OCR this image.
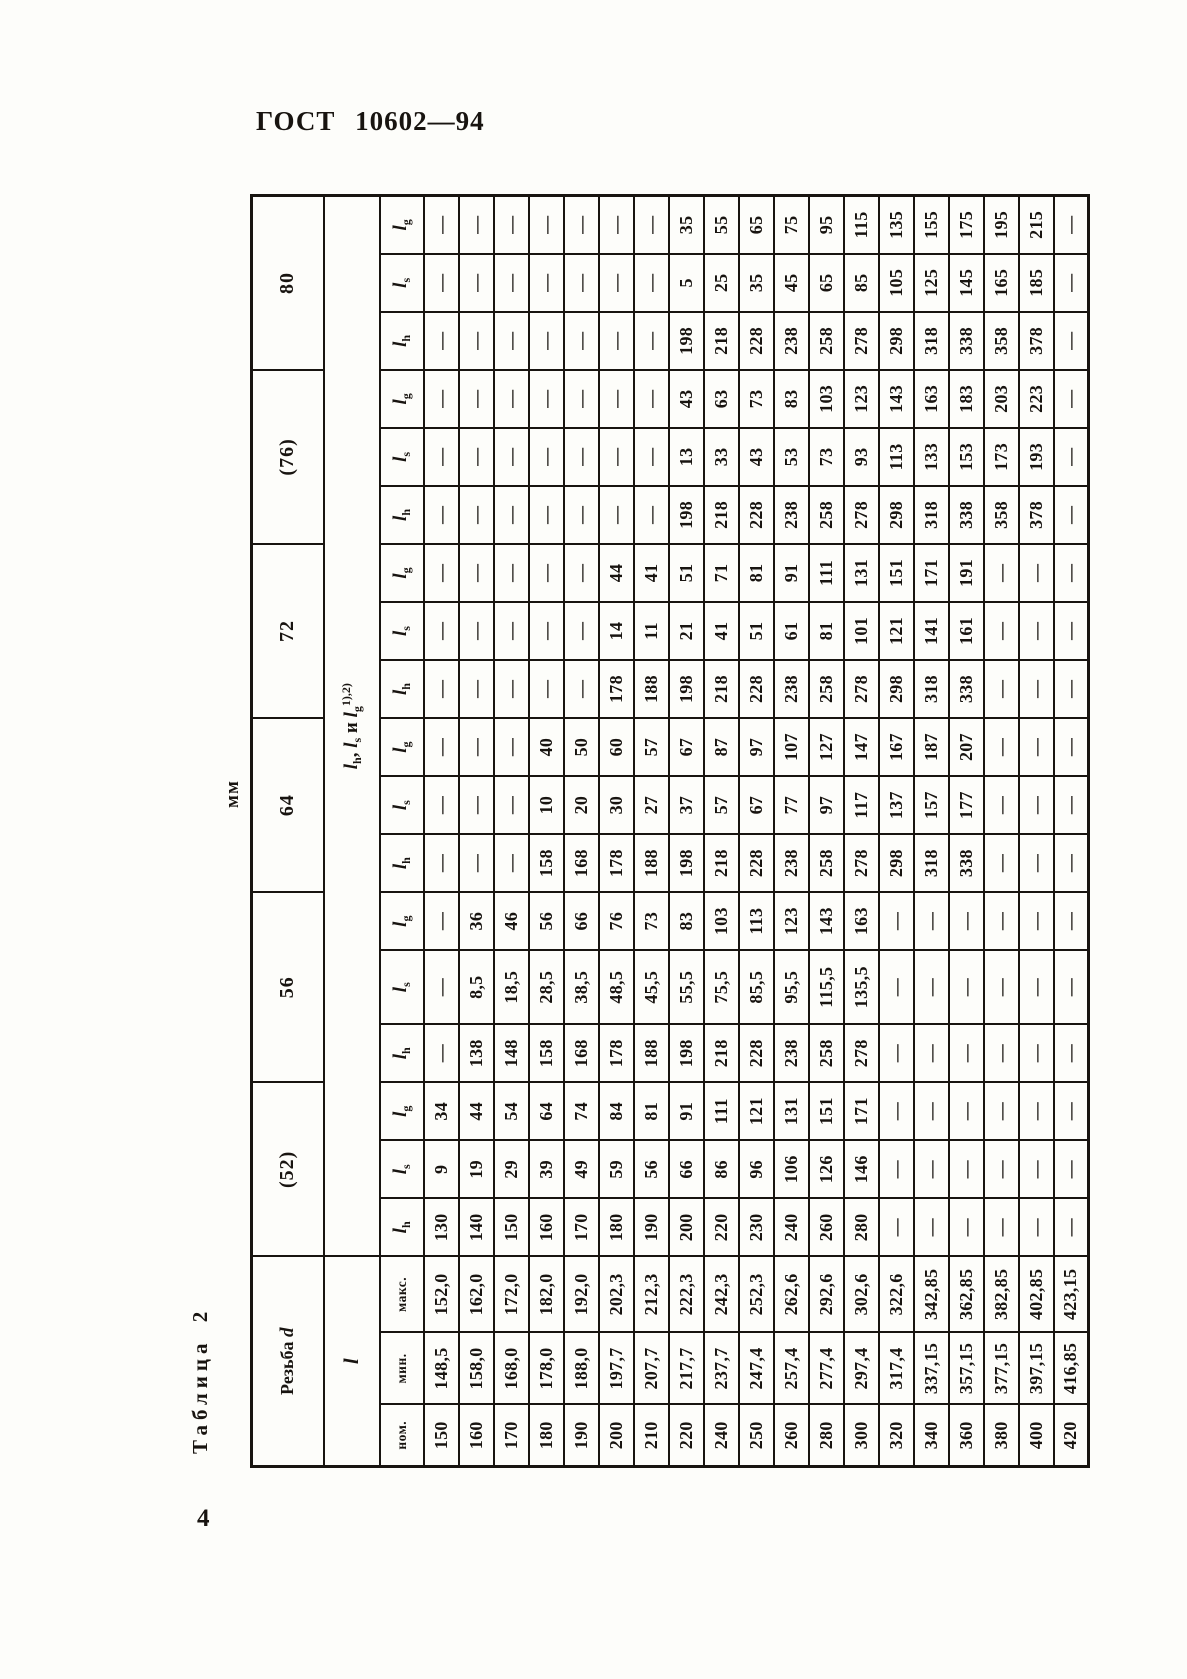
ГОСТ 10602—94
Таблица 2
мм
Резьба d			(52)			56			64			72			(76)			80		
l			$l_h$, $l_s$ и $l_g^{1),2)}$
ном.	мин.	макс.	$l_h$	$l_s$	$l_g$	$l_h$	$l_s$	$l_g$	$l_h$	$l_s$	$l_g$	$l_h$	$l_s$	$l_g$	$l_h$	$l_s$	$l_g$	$l_h$	$l_s$	$l_g$
150	148,5	152,0	130	9	34	—	—	—	—	—	—	—	—	—	—	—	—	—	—	—
160	158,0	162,0	140	19	44	138	8,5	36	—	—	—	—	—	—	—	—	—	—	—	—
170	168,0	172,0	150	29	54	148	18,5	46	—	—	—	—	—	—	—	—	—	—	—	—
180	178,0	182,0	160	39	64	158	28,5	56	158	10	40	—	—	—	—	—	—	—	—	—
190	188,0	192,0	170	49	74	168	38,5	66	168	20	50	—	—	—	—	—	—	—	—	—
200	197,7	202,3	180	59	84	178	48,5	76	178	30	60	178	14	44	—	—	—	—	—	—
210	207,7	212,3	190	56	81	188	45,5	73	188	27	57	188	11	41	—	—	—	—	—	—
220	217,7	222,3	200	66	91	198	55,5	83	198	37	67	198	21	51	198	13	43	198	5	35
240	237,7	242,3	220	86	111	218	75,5	103	218	57	87	218	41	71	218	33	63	218	25	55
250	247,4	252,3	230	96	121	228	85,5	113	228	67	97	228	51	81	228	43	73	228	35	65
260	257,4	262,6	240	106	131	238	95,5	123	238	77	107	238	61	91	238	53	83	238	45	75
280	277,4	292,6	260	126	151	258	115,5	143	258	97	127	258	81	111	258	73	103	258	65	95
300	297,4	302,6	280	146	171	278	135,5	163	278	117	147	278	101	131	278	93	123	278	85	115
320	317,4	322,6	—	—	—	—	—	—	298	137	167	298	121	151	298	113	143	298	105	135
340	337,15	342,85	—	—	—	—	—	—	318	157	187	318	141	171	318	133	163	318	125	155
360	357,15	362,85	—	—	—	—	—	—	338	177	207	338	161	191	338	153	183	338	145	175
380	377,15	382,85	—	—	—	—	—	—	—	—	—	—	—	—	358	173	203	358	165	195
400	397,15	402,85	—	—	—	—	—	—	—	—	—	—	—	—	378	193	223	378	185	215
420	416,85	423,15	—	—	—	—	—	—	—	—	—	—	—	—	—	—	—	—	—	—
4
